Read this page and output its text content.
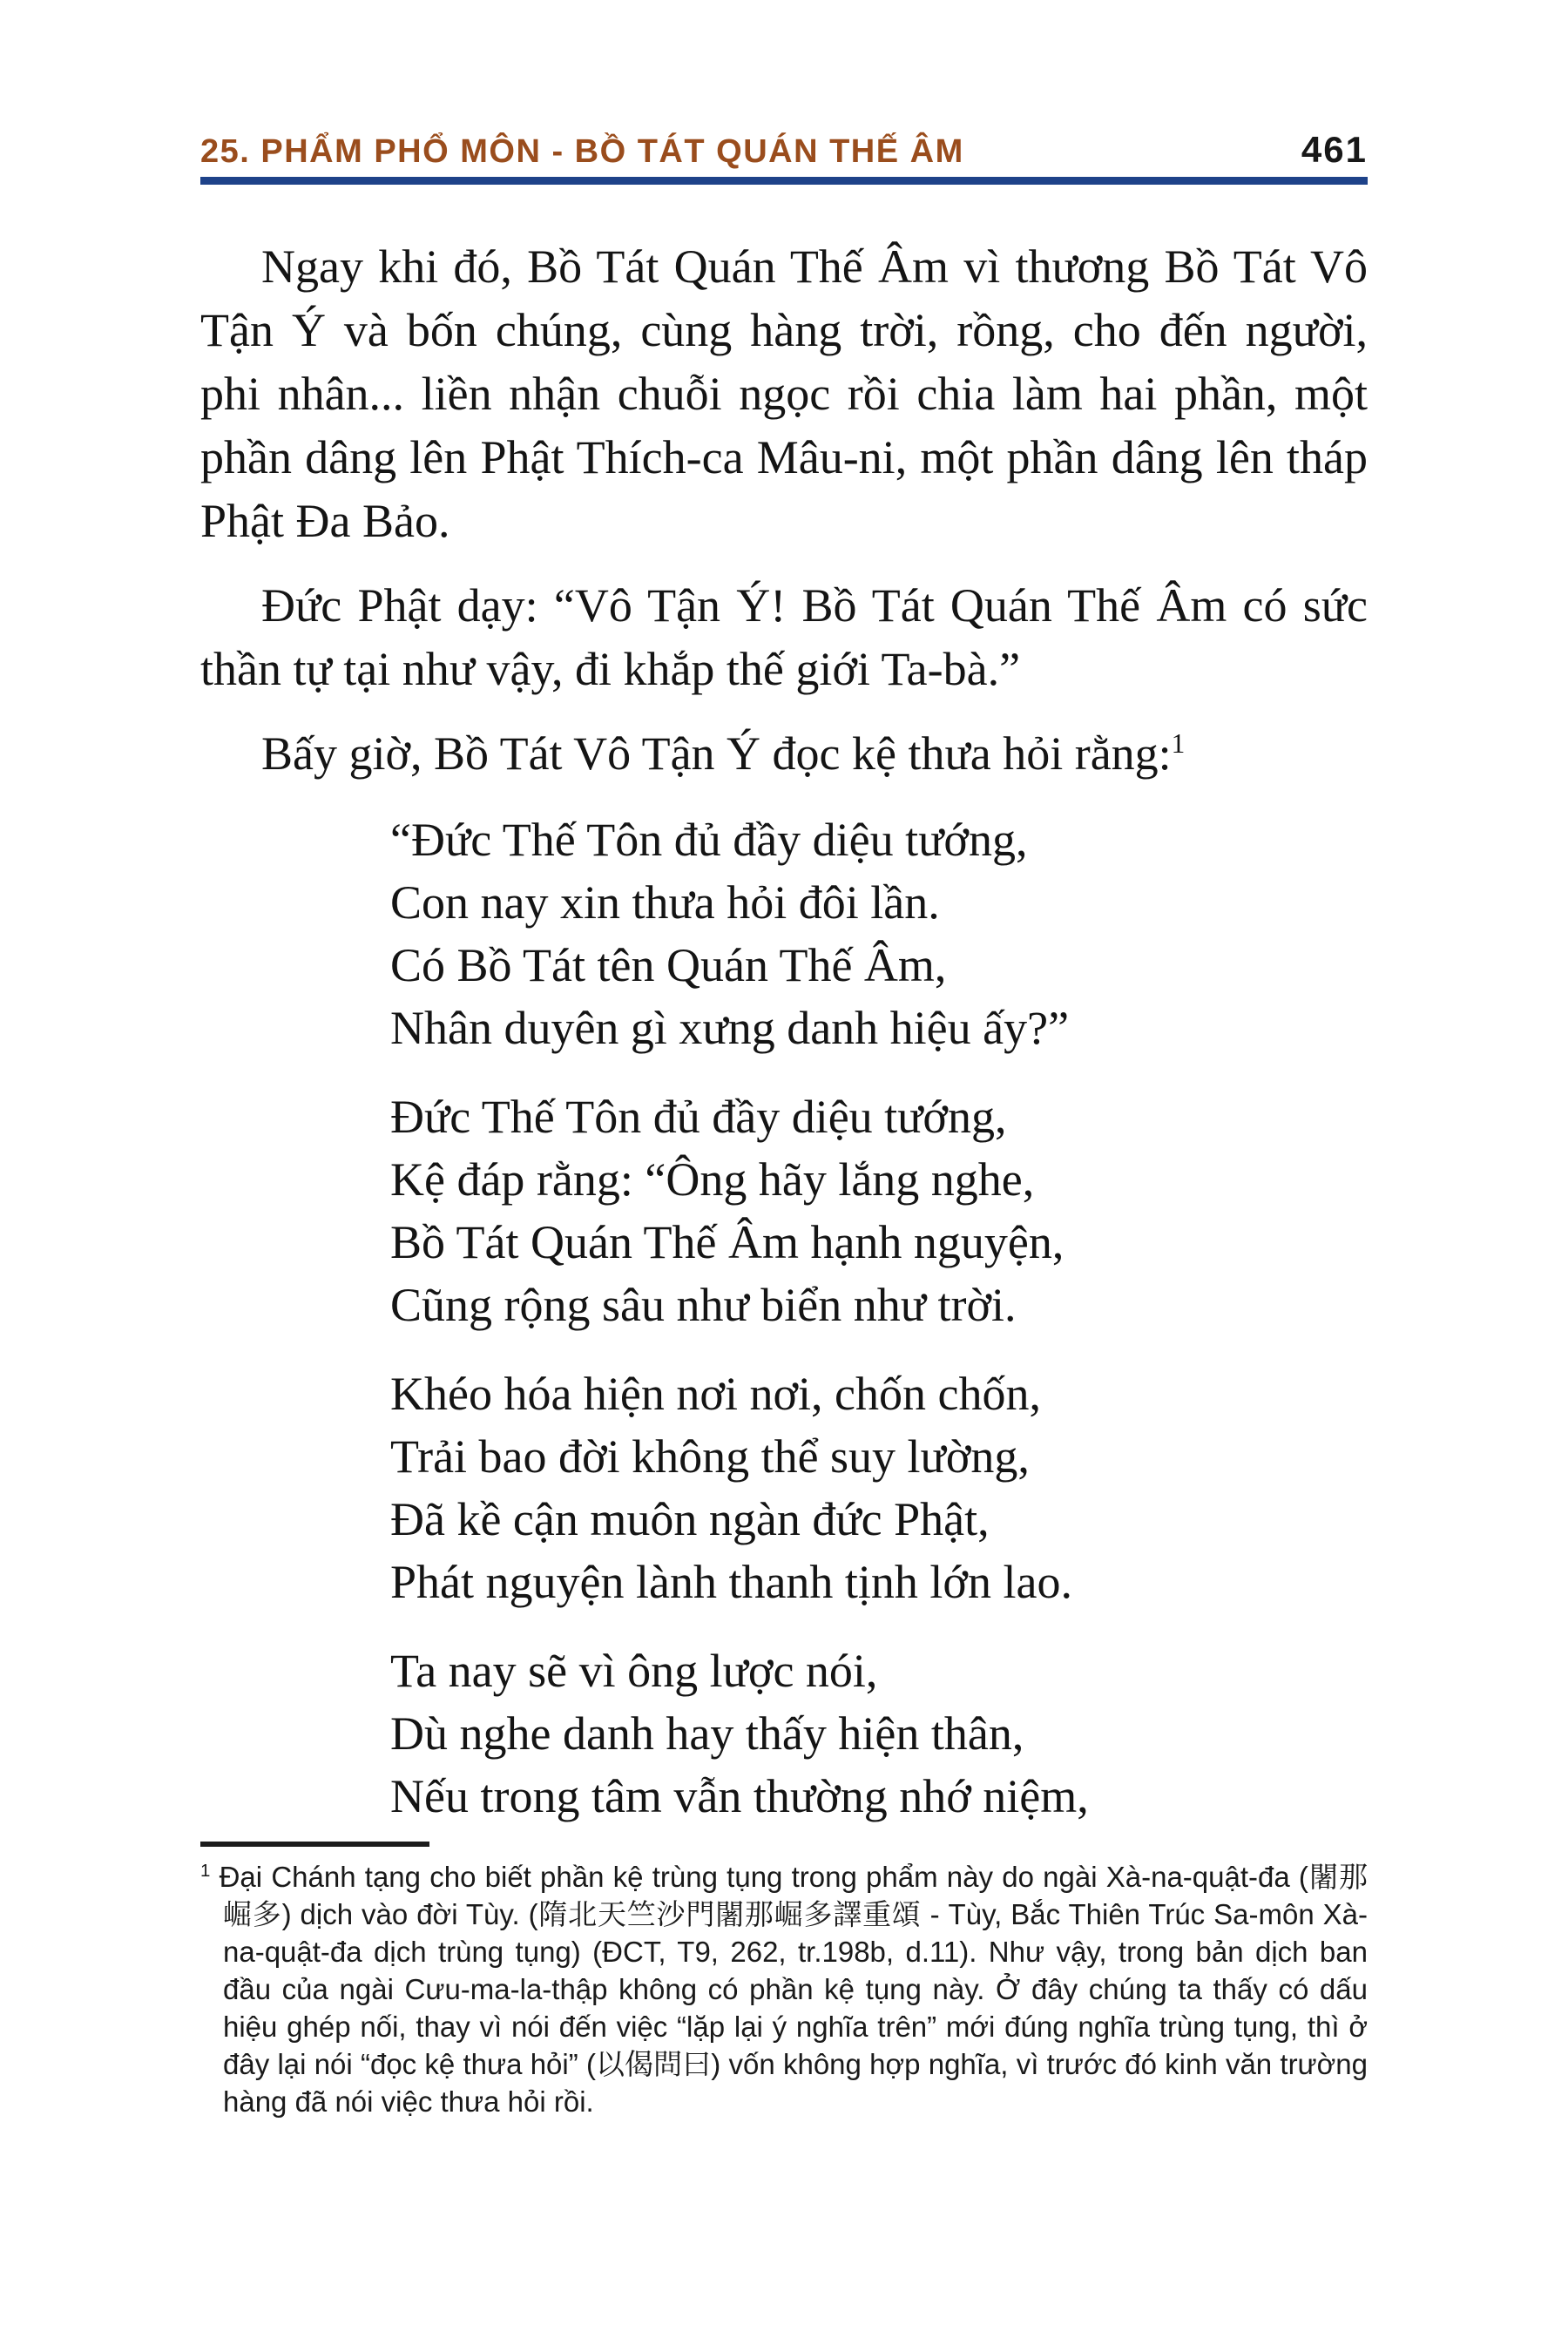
25. PHẨM PHỔ MÔN - BỒ TÁT QUÁN THẾ ÂM	461

Ngay khi đó, Bồ Tát Quán Thế Âm vì thương Bồ Tát Vô Tận Ý và bốn chúng, cùng hàng trời, rồng, cho đến người, phi nhân... liền nhận chuỗi ngọc rồi chia làm hai phần, một phần dâng lên Phật Thích-ca Mâu-ni, một phần dâng lên tháp Phật Đa Bảo.

Đức Phật dạy: “Vô Tận Ý! Bồ Tát Quán Thế Âm có sức thần tự tại như vậy, đi khắp thế giới Ta-bà.”

Bấy giờ, Bồ Tát Vô Tận Ý đọc kệ thưa hỏi rằng:$^1$

“Đức Thế Tôn đủ đầy diệu tướng,
Con nay xin thưa hỏi đôi lần.
Có Bồ Tát tên Quán Thế Âm,
Nhân duyên gì xưng danh hiệu ấy?”
Đức Thế Tôn đủ đầy diệu tướng,
Kệ đáp rằng: “Ông hãy lắng nghe,
Bồ Tát Quán Thế Âm hạnh nguyện,
Cũng rộng sâu như biển như trời.
Khéo hóa hiện nơi nơi, chốn chốn,
Trải bao đời không thể suy lường,
Đã kề cận muôn ngàn đức Phật,
Phát nguyện lành thanh tịnh lớn lao.
Ta nay sẽ vì ông lược nói,
Dù nghe danh hay thấy hiện thân,
Nếu trong tâm vẫn thường nhớ niệm,

$^1$ Đại Chánh tạng cho biết phần kệ trùng tụng trong phẩm này do ngài Xà-na-quật-đa (闍那崛多) dịch vào đời Tùy. (隋北天竺沙門闍那崛多譯重頌 - Tùy, Bắc Thiên Trúc Sa-môn Xà-na-quật-đa dịch trùng tụng) (ĐCT, T9, 262, tr.198b, d.11). Như vậy, trong bản dịch ban đầu của ngài Cưu-ma-la-thập không có phần kệ tụng này. Ở đây chúng ta thấy có dấu hiệu ghép nối, thay vì nói đến việc “lặp lại ý nghĩa trên” mới đúng nghĩa trùng tụng, thì ở đây lại nói “đọc kệ thưa hỏi” (以偈問曰) vốn không hợp nghĩa, vì trước đó kinh văn trường hàng đã nói việc thưa hỏi rồi.
